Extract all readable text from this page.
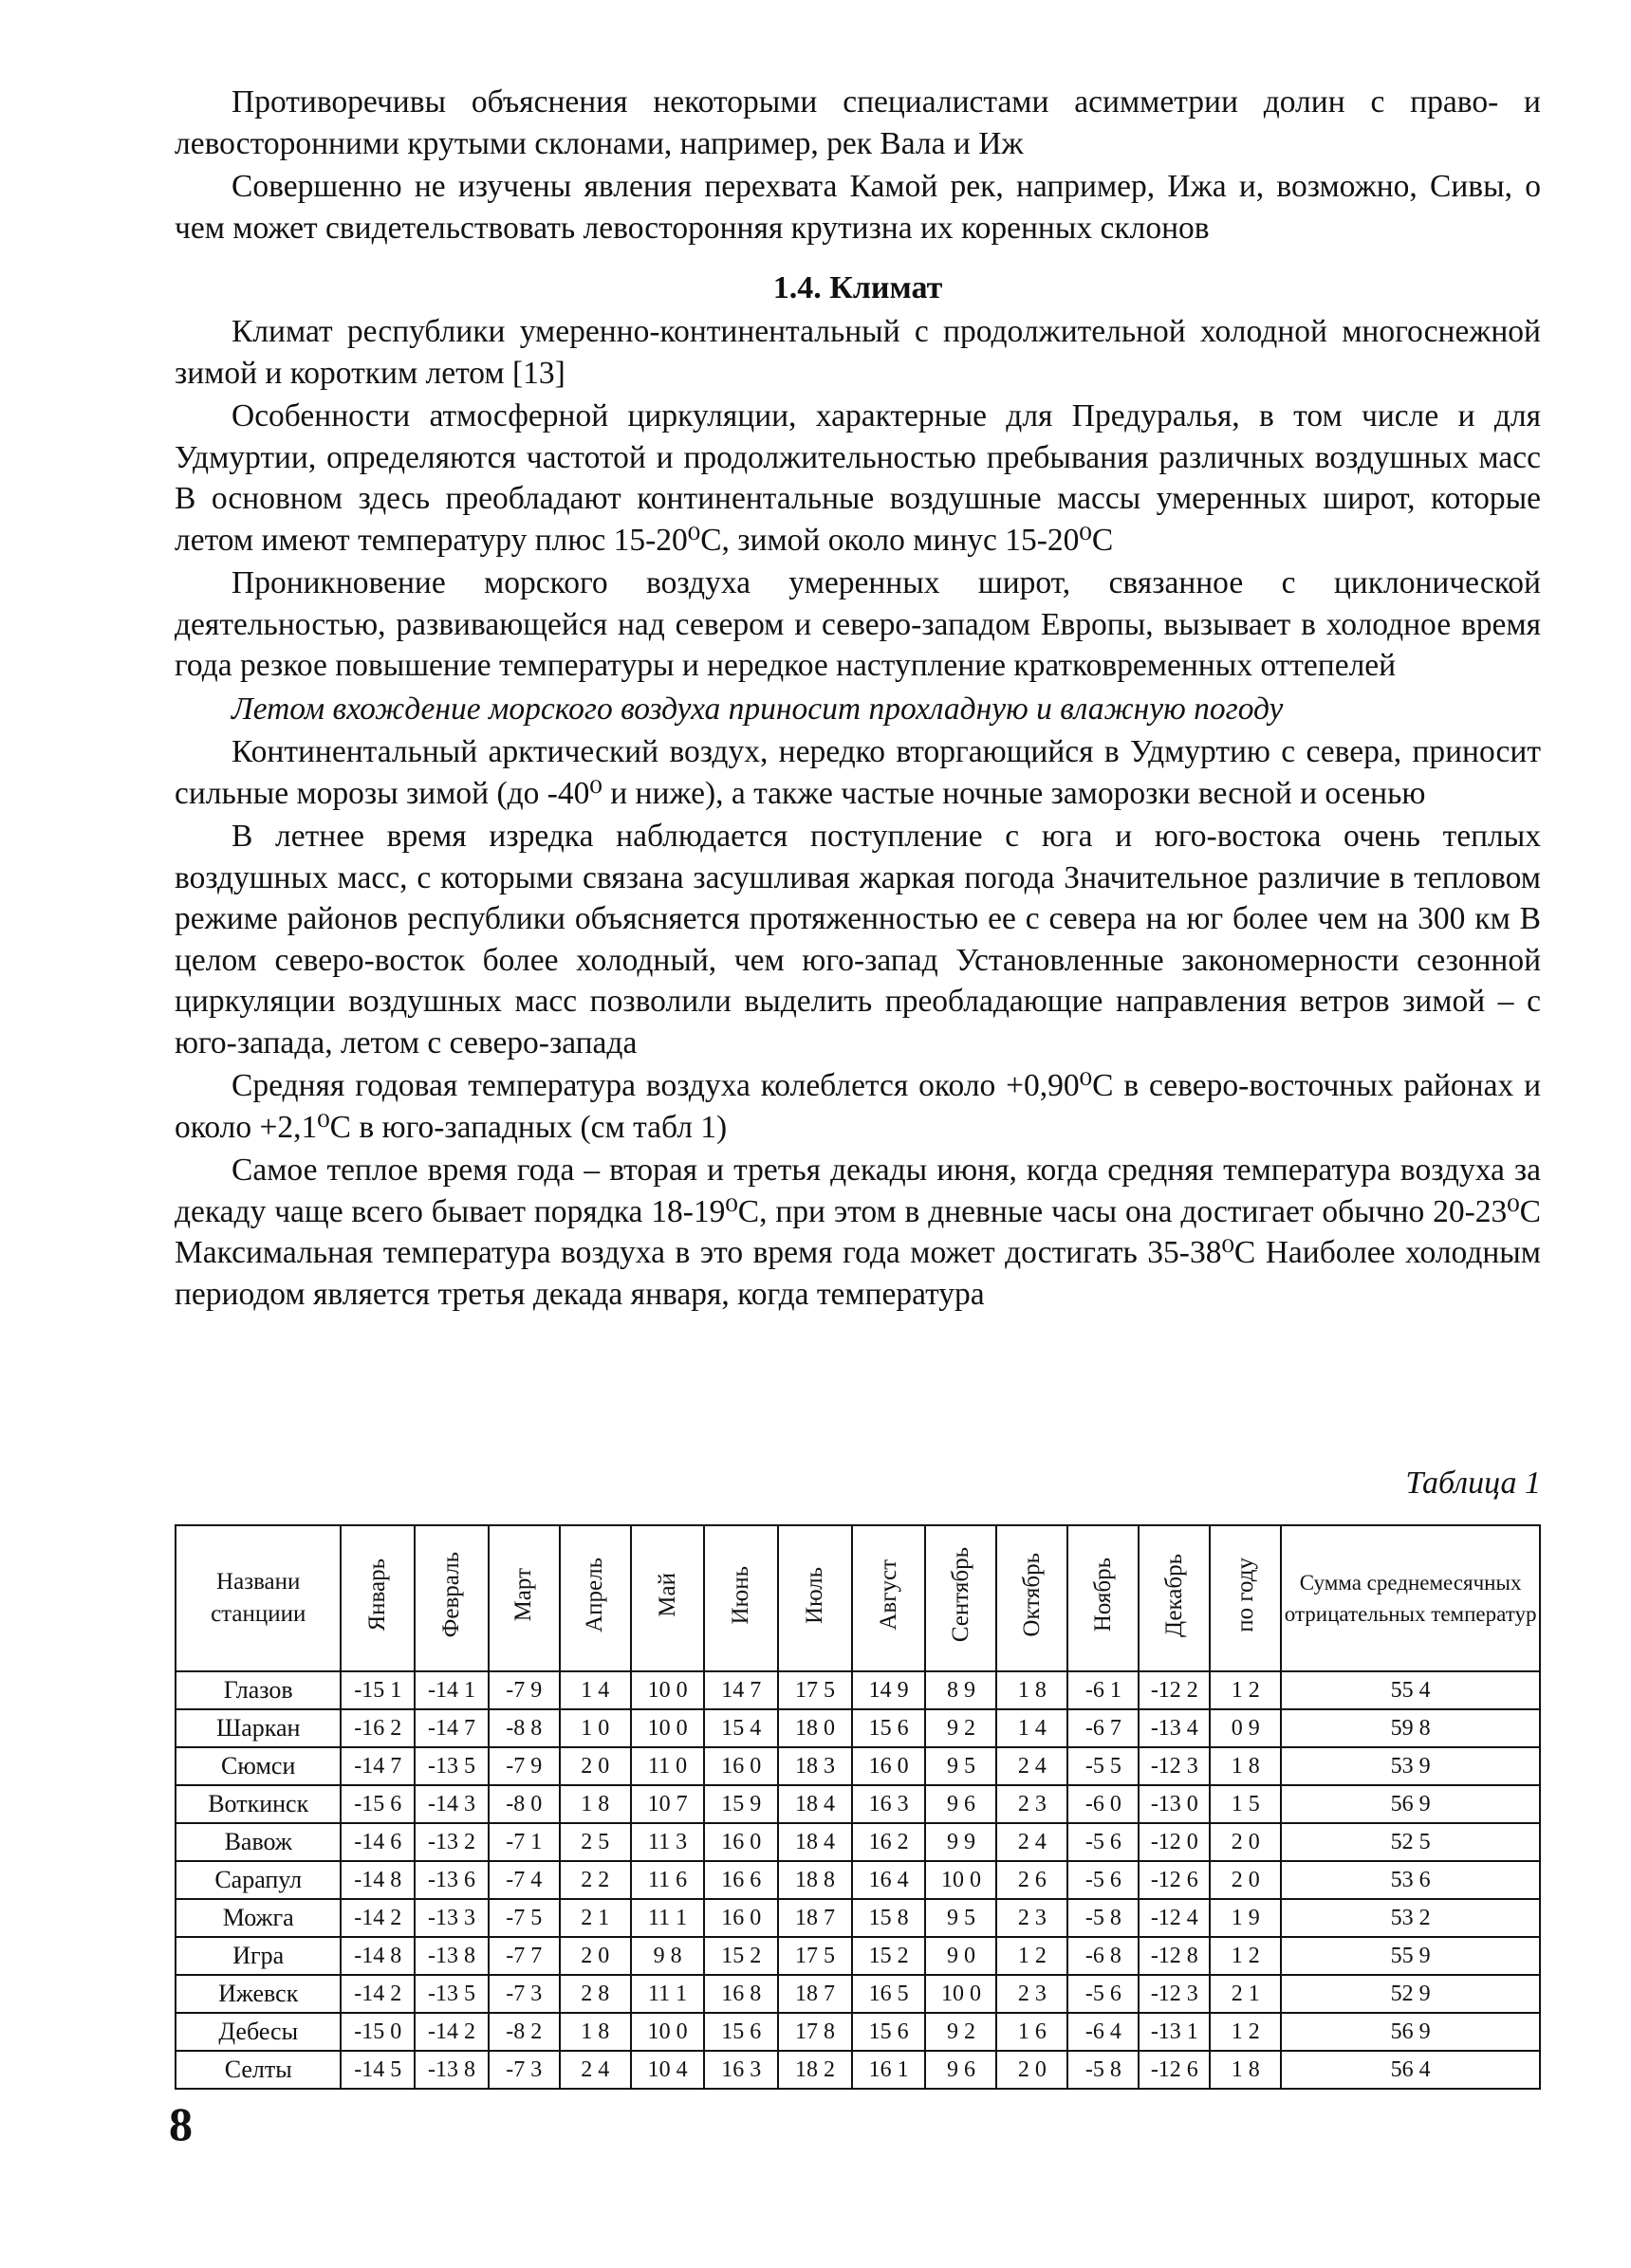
Противоречивы объяснения некоторыми специалистами асимметрии долин с право- и левосторонними крутыми склонами, например, рек Вала и Иж

Совершенно не изучены явления перехвата Камой рек, например, Ижа и, возможно, Сивы, о чем может свидетельствовать левосторонняя крутизна их коренных склонов

1.4. Климат

Климат республики умеренно-континентальный с продолжительной холодной многоснежной зимой и коротким летом [13]

Особенности атмосферной циркуляции, характерные для Предуралья, в том числе и для Удмуртии, определяются частотой и продолжительностью пребывания различных воздушных масс В основном здесь преобладают континентальные воздушные массы умеренных широт, которые летом имеют температуру плюс 15-20⁰С, зимой около минус 15-20⁰С

Проникновение морского воздуха умеренных широт, связанное с циклонической деятельностью, развивающейся над севером и северо-западом Европы, вызывает в холодное время года резкое повышение температуры и нередкое наступление кратковременных оттепелей

Летом вхождение морского воздуха приносит прохладную и влажную погоду

Континентальный арктический воздух, нередко вторгающийся в Удмуртию с севера, приносит сильные морозы зимой (до -40⁰ и ниже), а также частые ночные заморозки весной и осенью

В летнее время изредка наблюдается поступление с юга и юго-востока очень теплых воздушных масс, с которыми связана засушливая жаркая погода Значительное различие в тепловом режиме районов республики объясняется протяженностью ее с севера на юг более чем на 300 км В целом северо-восток более холодный, чем юго-запад Установленные закономерности сезонной циркуляции воздушных масс позволили выделить преобладающие направления ветров зимой – с юго-запада, летом с северо-запада

Средняя годовая температура воздуха колеблется около +0,90⁰С в северо-восточных районах и около +2,1⁰С в юго-западных (см табл 1)

Самое теплое время года – вторая и третья декады июня, когда средняя температура воздуха за декаду чаще всего бывает порядка 18-19⁰С, при этом в дневные часы она достигает обычно 20-23⁰С Максимальная температура воздуха в это время года может достигать 35-38⁰С Наиболее холодным периодом является третья декада января, когда температура

Таблица 1
Названи станциии	Январь	Февраль	Март	Апрель	Май	Июнь	Июль	Август	Сентябрь	Октябрь	Ноябрь	Декабрь	по году	Сумма среднемесячных отрицательных температур
Глазов	-15 1	-14 1	-7 9	1 4	10 0	14 7	17 5	14 9	8 9	1 8	-6 1	-12 2	1 2	55 4
Шаркан	-16 2	-14 7	-8 8	1 0	10 0	15 4	18 0	15 6	9 2	1 4	-6 7	-13 4	0 9	59 8
Сюмси	-14 7	-13 5	-7 9	2 0	11 0	16 0	18 3	16 0	9 5	2 4	-5 5	-12 3	1 8	53 9
Воткинск	-15 6	-14 3	-8 0	1 8	10 7	15 9	18 4	16 3	9 6	2 3	-6 0	-13 0	1 5	56 9
Вавож	-14 6	-13 2	-7 1	2 5	11 3	16 0	18 4	16 2	9 9	2 4	-5 6	-12 0	2 0	52 5
Сарапул	-14 8	-13 6	-7 4	2 2	11 6	16 6	18 8	16 4	10 0	2 6	-5 6	-12 6	2 0	53 6
Можга	-14 2	-13 3	-7 5	2 1	11 1	16 0	18 7	15 8	9 5	2 3	-5 8	-12 4	1 9	53 2
Игра	-14 8	-13 8	-7 7	2 0	9 8	15 2	17 5	15 2	9 0	1 2	-6 8	-12 8	1 2	55 9
Ижевск	-14 2	-13 5	-7 3	2 8	11 1	16 8	18 7	16 5	10 0	2 3	-5 6	-12 3	2 1	52 9
Дебесы	-15 0	-14 2	-8 2	1 8	10 0	15 6	17 8	15 6	9 2	1 6	-6 4	-13 1	1 2	56 9
Селты	-14 5	-13 8	-7 3	2 4	10 4	16 3	18 2	16 1	9 6	2 0	-5 8	-12 6	1 8	56 4
8
